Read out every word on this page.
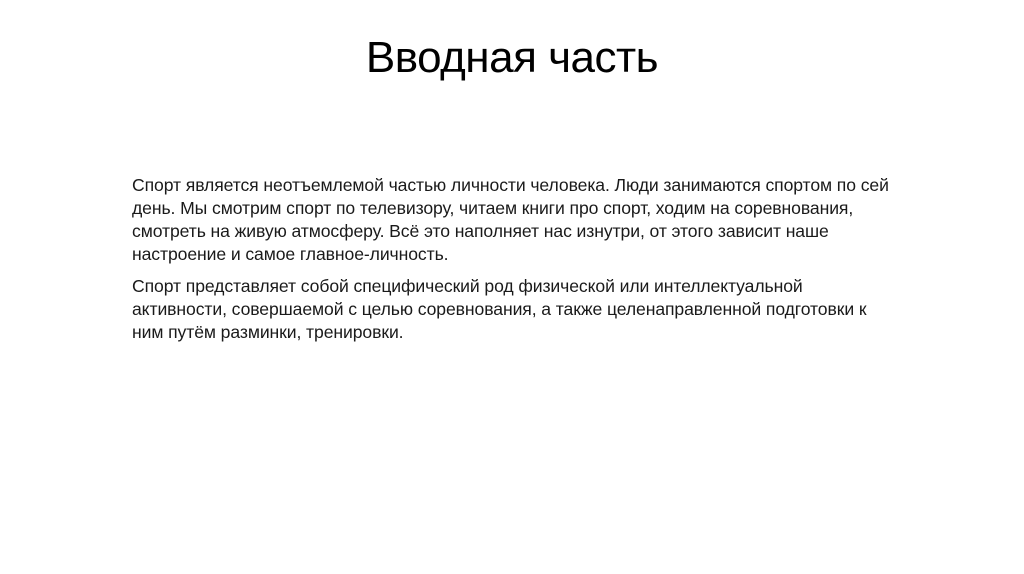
Вводная часть

Спорт является неотъемлемой частью личности человека. Люди занимаются спортом по сей день. Мы смотрим спорт по телевизору, читаем книги про спорт, ходим на соревнования, смотреть на живую атмосферу. Всё это наполняет нас изнутри, от этого зависит наше настроение и самое главное-личность.

Спорт представляет собой специфический род физической или интеллектуальной активности, совершаемой с целью соревнования, а также целенаправленной подготовки к ним путём разминки, тренировки.
